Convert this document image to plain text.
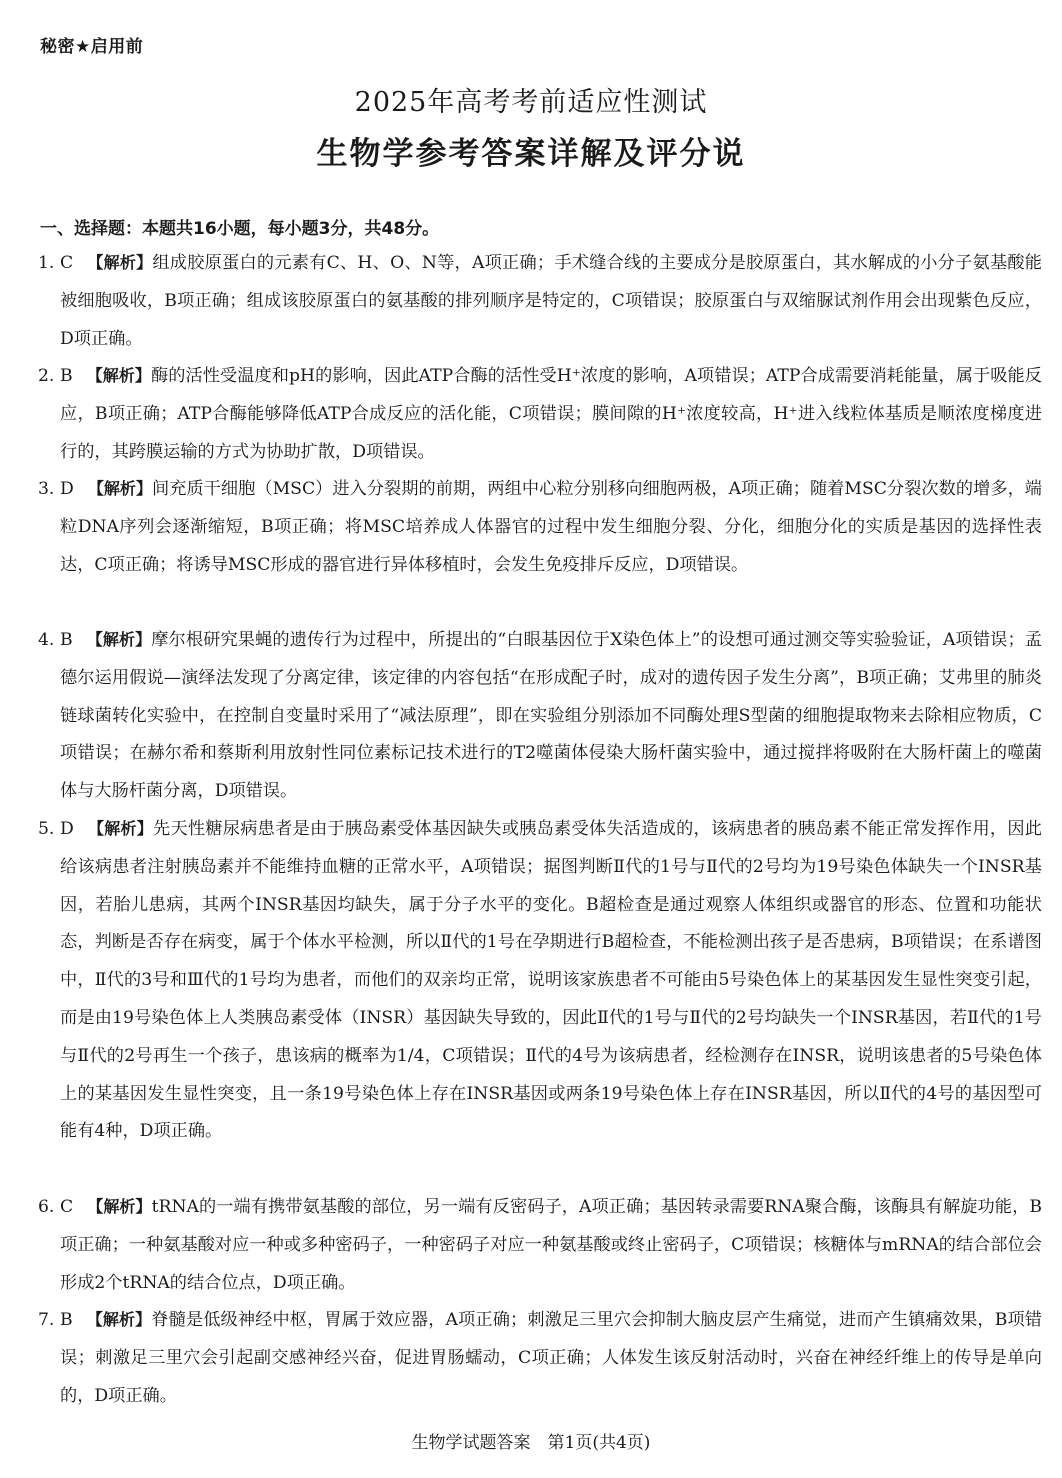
秘密★启用前
2025年高考考前适应性测试
生物学参考答案详解及评分说
一、选择题：本题共16小题，每小题3分，共48分。
1. C 【解析】组成胶原蛋白的元素有C、H、O、N等，A项正确；手术缝合线的主要成分是胶原蛋白，其水解成的小分子氨基酸能被细胞吸收，B项正确；组成该胶原蛋白的氨基酸的排列顺序是特定的，C项错误；胶原蛋白与双缩脲试剂作用会出现紫色反应，D项正确。
2. B 【解析】酶的活性受温度和pH的影响，因此ATP合酶的活性受H⁺浓度的影响，A项错误；ATP合成需要消耗能量，属于吸能反应，B项正确；ATP合酶能够降低ATP合成反应的活化能，C项错误；膜间隙的H⁺浓度较高，H⁺进入线粒体基质是顺浓度梯度进行的，其跨膜运输的方式为协助扩散，D项错误。
3. D 【解析】间充质干细胞（MSC）进入分裂期的前期，两组中心粒分别移向细胞两极，A项正确；随着MSC分裂次数的增多，端粒DNA序列会逐渐缩短，B项正确；将MSC培养成人体器官的过程中发生细胞分裂、分化，细胞分化的实质是基因的选择性表达，C项正确；将诱导MSC形成的器官进行异体移植时，会发生免疫排斥反应，D项错误。
4. B 【解析】摩尔根研究果蝇的遗传行为过程中，所提出的“白眼基因位于X染色体上”的设想可通过测交等实验验证，A项错误；孟德尔运用假说—演绎法发现了分离定律，该定律的内容包括“在形成配子时，成对的遗传因子发生分离”，B项正确；艾弗里的肺炎链球菌转化实验中，在控制自变量时采用了“减法原理”，即在实验组分别添加不同酶处理S型菌的细胞提取物来去除相应物质，C项错误；在赫尔希和蔡斯利用放射性同位素标记技术进行的T2噬菌体侵染大肠杆菌实验中，通过搅拌将吸附在大肠杆菌上的噬菌体与大肠杆菌分离，D项错误。
5. D 【解析】先天性糖尿病患者是由于胰岛素受体基因缺失或胰岛素受体失活造成的，该病患者的胰岛素不能正常发挥作用，因此给该病患者注射胰岛素并不能维持血糖的正常水平，A项错误；据图判断Ⅱ代的1号与Ⅱ代的2号均为19号染色体缺失一个INSR基因，若胎儿患病，其两个INSR基因均缺失，属于分子水平的变化。B超检查是通过观察人体组织或器官的形态、位置和功能状态，判断是否存在病变，属于个体水平检测，所以Ⅱ代的1号在孕期进行B超检查，不能检测出孩子是否患病，B项错误；在系谱图中，Ⅱ代的3号和Ⅲ代的1号均为患者，而他们的双亲均正常，说明该家族患者不可能由5号染色体上的某基因发生显性突变引起，而是由19号染色体上人类胰岛素受体（INSR）基因缺失导致的，因此Ⅱ代的1号与Ⅱ代的2号均缺失一个INSR基因，若Ⅱ代的1号与Ⅱ代的2号再生一个孩子，患该病的概率为1/4，C项错误；Ⅱ代的4号为该病患者，经检测存在INSR，说明该患者的5号染色体上的某基因发生显性突变，且一条19号染色体上存在INSR基因或两条19号染色体上存在INSR基因，所以Ⅱ代的4号的基因型可能有4种，D项正确。
6. C 【解析】tRNA的一端有携带氨基酸的部位，另一端有反密码子，A项正确；基因转录需要RNA聚合酶，该酶具有解旋功能，B项正确；一种氨基酸对应一种或多种密码子，一种密码子对应一种氨基酸或终止密码子，C项错误；核糖体与mRNA的结合部位会形成2个tRNA的结合位点，D项正确。
7. B 【解析】脊髓是低级神经中枢，胃属于效应器，A项正确；刺激足三里穴会抑制大脑皮层产生痛觉，进而产生镇痛效果，B项错误；刺激足三里穴会引起副交感神经兴奋，促进胃肠蠕动，C项正确；人体发生该反射活动时，兴奋在神经纤维上的传导是单向的，D项正确。
生物学试题答案　第1页(共4页)
